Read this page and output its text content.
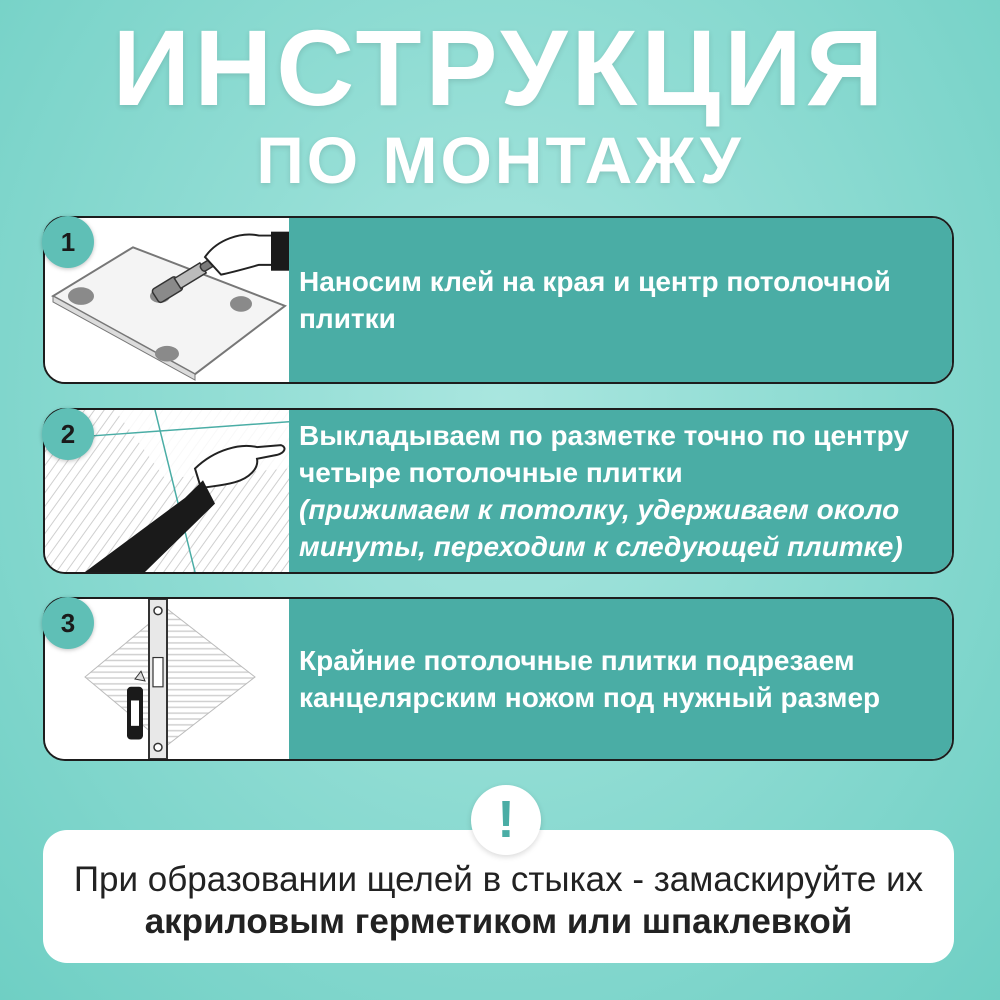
ИНСТРУКЦИЯ
ПО МОНТАЖУ
Наносим клей на края и центр потолочной плитки
1
Выкладываем по разметке точно по центру четыре потолочные плитки
(прижимаем к потолку, удерживаем около минуты, переходим к следующей плитке)
2
Крайние потолочные плитки подрезаем канцелярским ножом под нужный размер
3
!
При образовании щелей в стыках - замаскируйте их акриловым герметиком или шпаклевкой
